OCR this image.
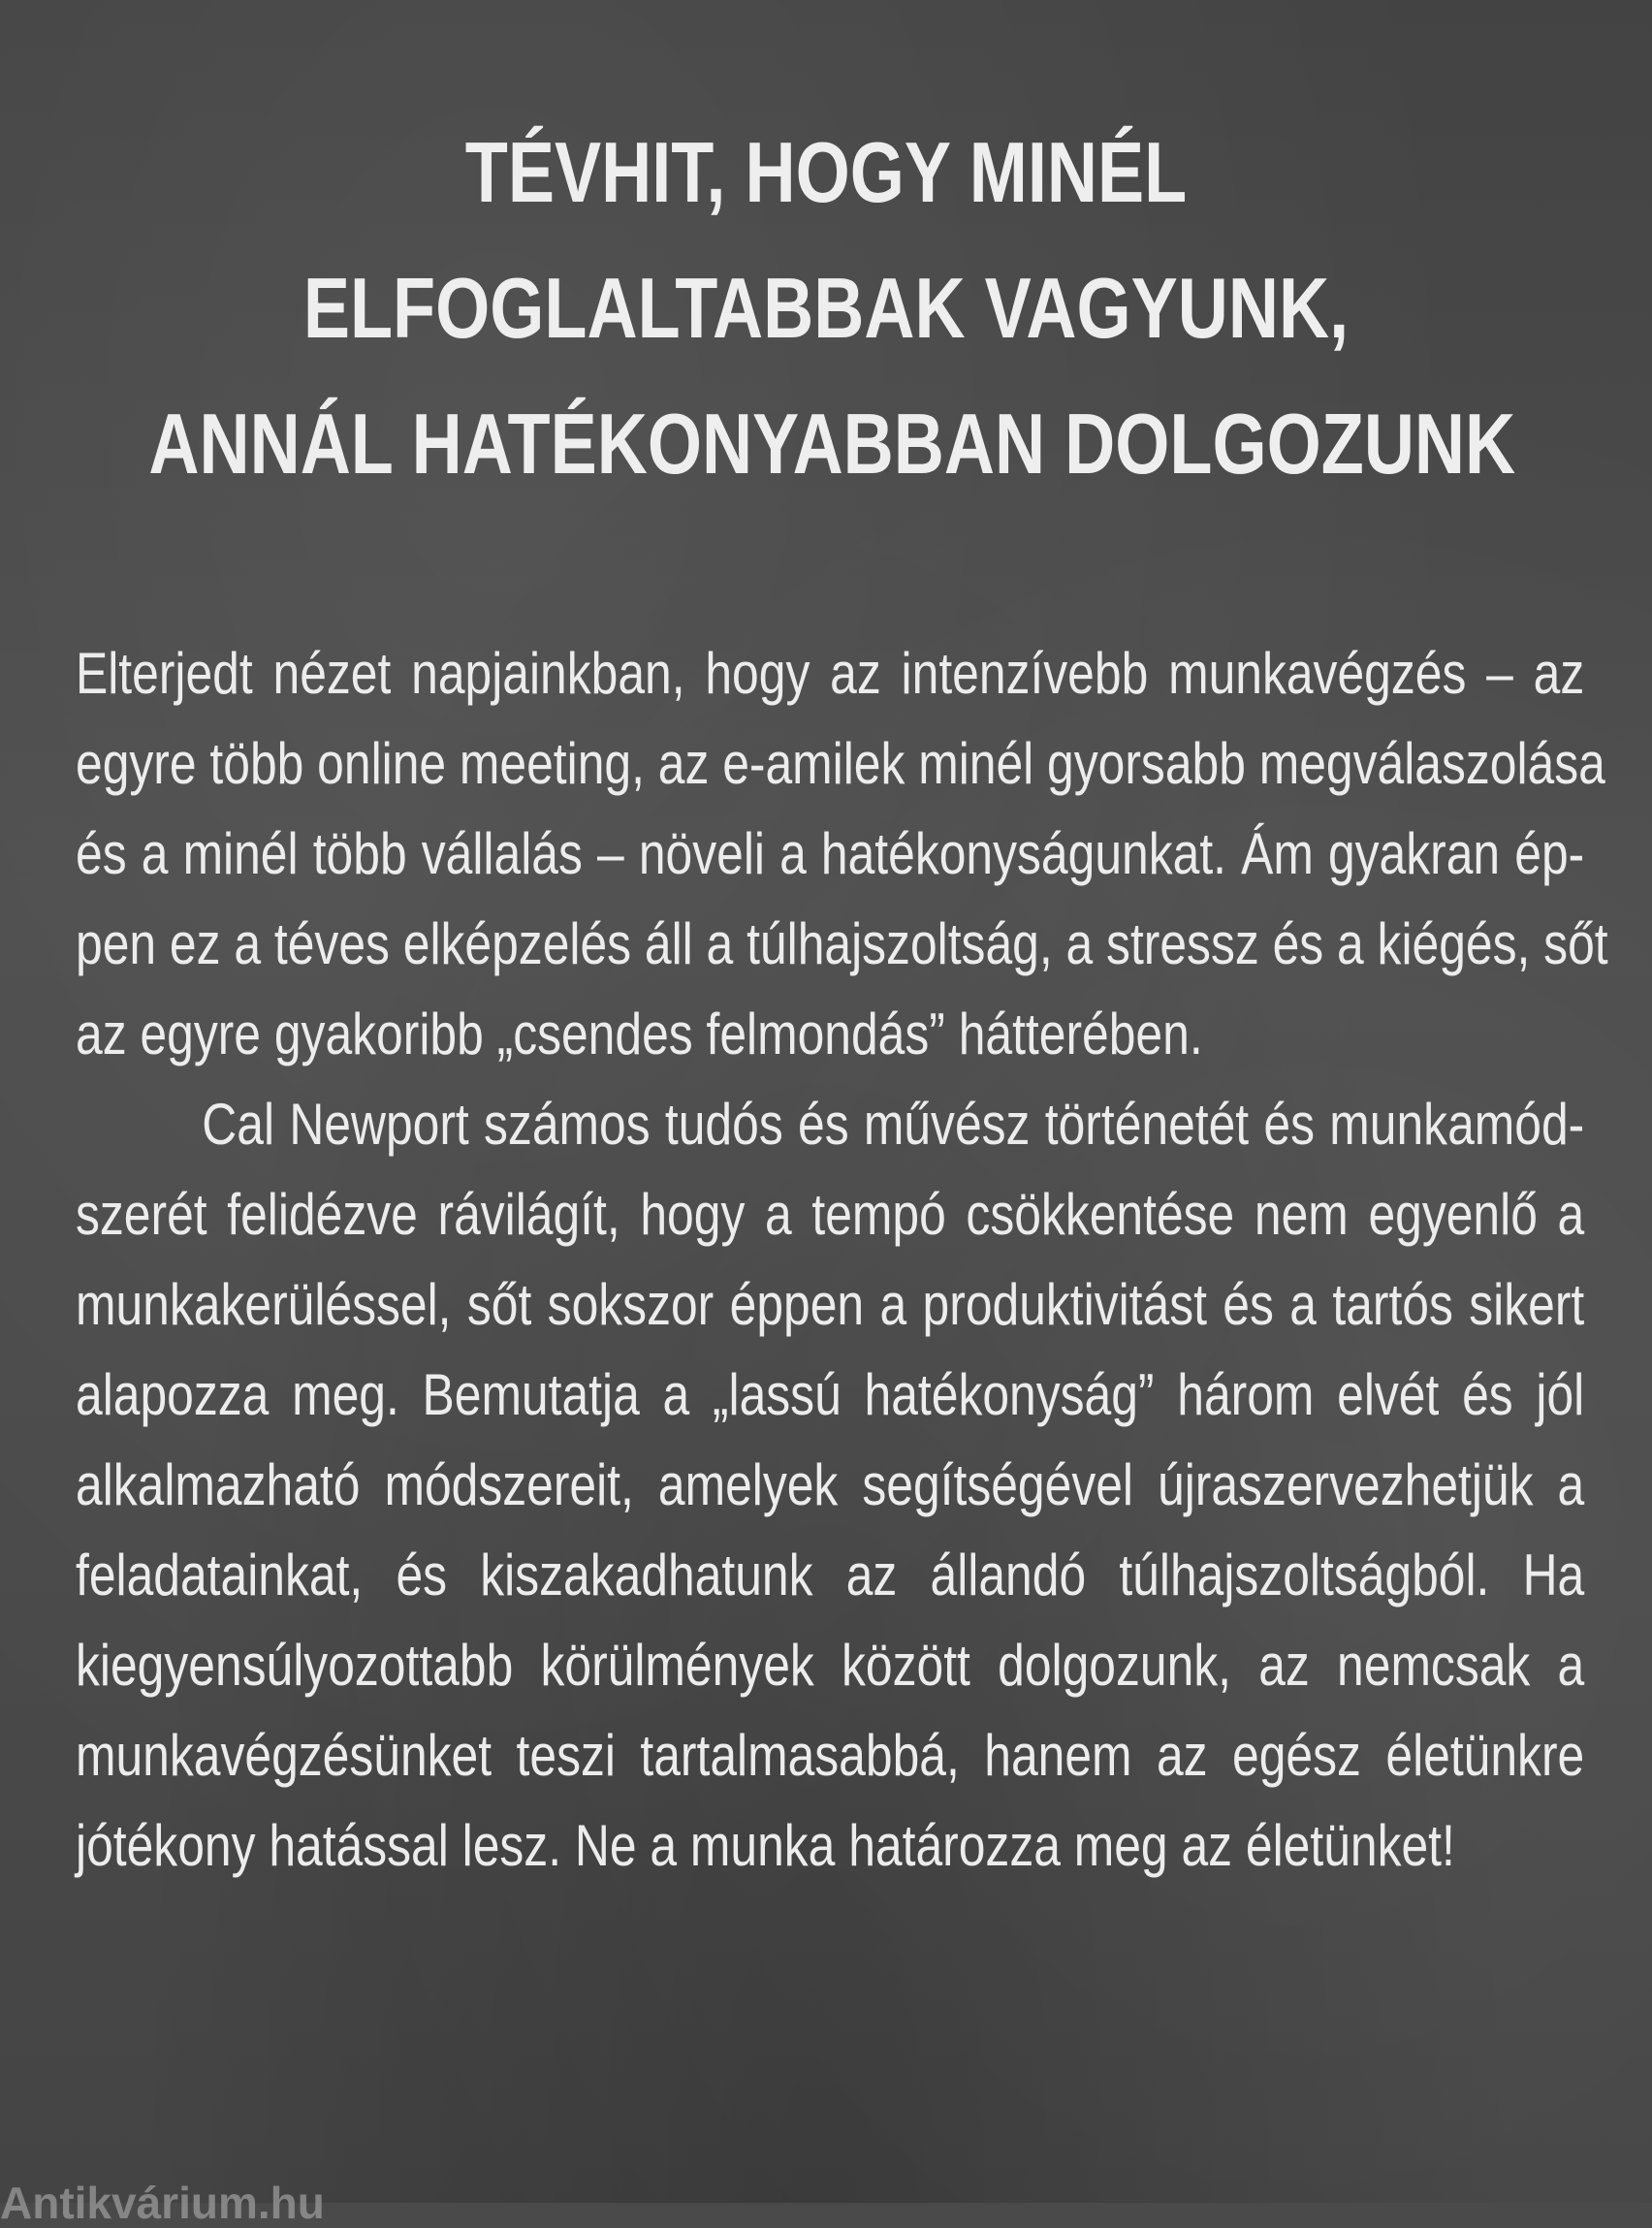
TÉVHIT, HOGY MINÉL
ELFOGLALTABBAK VAGYUNK,
ANNÁL HATÉKONYABBAN DOLGOZUNK
Elterjedt nézet napjainkban, hogy az intenzívebb munkavégzés – az
egyre több online meeting, az e-amilek minél gyorsabb megválaszolása
és a minél több vállalás – növeli a hatékonyságunkat. Ám gyakran ép-
pen ez a téves elképzelés áll a túlhajszoltság, a stressz és a kiégés, sőt
az egyre gyakoribb „csendes felmondás” hátterében.
Cal Newport számos tudós és művész történetét és munkamód-
szerét felidézve rávilágít, hogy a tempó csökkentése nem egyenlő a
munkakerüléssel, sőt sokszor éppen a produktivitást és a tartós sikert
alapozza meg. Bemutatja a „lassú hatékonyság” három elvét és jól
alkalmazható módszereit, amelyek segítségével újraszervezhetjük a
feladatainkat, és kiszakadhatunk az állandó túlhajszoltságból. Ha
kiegyensúlyozottabb körülmények között dolgozunk, az nemcsak a
munkavégzésünket teszi tartalmasabbá, hanem az egész életünkre
jótékony hatással lesz. Ne a munka határozza meg az életünket!
Antikvárium.hu
